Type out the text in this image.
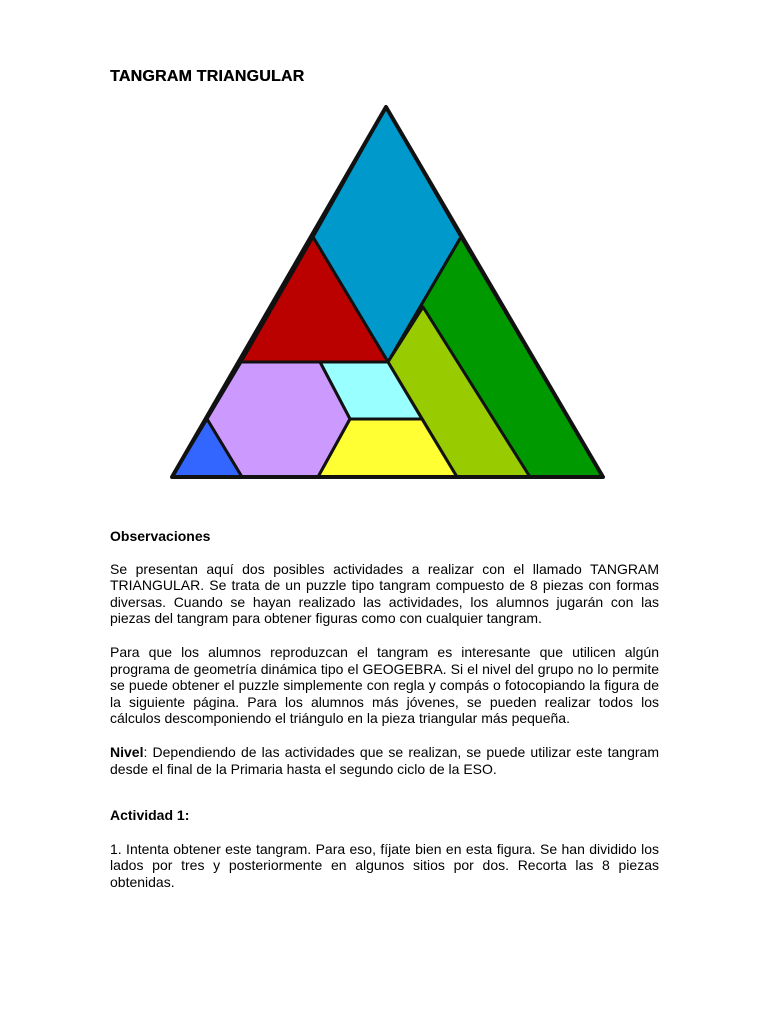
TANGRAM TRIANGULAR

Observaciones

Se presentan aquí dos posibles actividades a realizar con el llamado TANGRAM TRIANGULAR. Se trata de un puzzle tipo tangram compuesto de 8 piezas con formas diversas. Cuando se hayan realizado las actividades, los alumnos jugarán con las piezas del tangram para obtener figuras como con cualquier tangram.

Para que los alumnos reproduzcan el tangram es interesante que utilicen algún programa de geometría dinámica tipo el GEOGEBRA. Si el nivel del grupo no lo permite se puede obtener el puzzle simplemente con regla y compás o fotocopiando la figura de la siguiente página. Para los alumnos más jóvenes, se pueden realizar todos los cálculos descomponiendo el triángulo en la pieza triangular más pequeña.

Nivel: Dependiendo de las actividades que se realizan, se puede utilizar este tangram desde el final de la Primaria hasta el segundo ciclo de la ESO.

Actividad 1:

1. Intenta obtener este tangram. Para eso, fíjate bien en esta figura. Se han dividido los lados por tres y posteriormente en algunos sitios por dos. Recorta las 8 piezas obtenidas.
